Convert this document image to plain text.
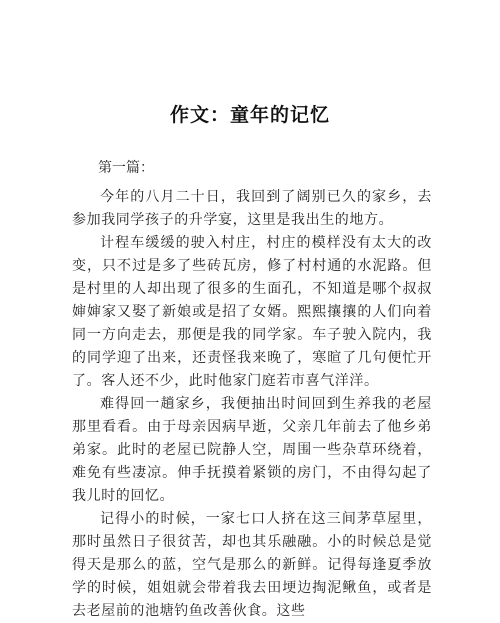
作文：童年的记忆
第一篇：

今年的八月二十日，我回到了阔别已久的家乡，去参加我同学孩子的升学宴，这里是我出生的地方。

计程车缓缓的驶入村庄，村庄的模样没有太大的改变，只不过是多了些砖瓦房，修了村村通的水泥路。但是村里的人却出现了很多的生面孔，不知道是哪个叔叔婶婶家又娶了新娘或是招了女婿。熙熙攘攘的人们向着同一方向走去，那便是我的同学家。车子驶入院内，我的同学迎了出来，还责怪我来晚了，寒暄了几句便忙开了。客人还不少，此时他家门庭若市喜气洋洋。

难得回一趟家乡，我便抽出时间回到生养我的老屋那里看看。由于母亲因病早逝，父亲几年前去了他乡弟弟家。此时的老屋已院静人空，周围一些杂草环绕着，难免有些凄凉。伸手抚摸着紧锁的房门，不由得勾起了我儿时的回忆。

记得小的时候，一家七口人挤在这三间茅草屋里，那时虽然日子很贫苦，却也其乐融融。小的时候总是觉得天是那么的蓝，空气是那么的新鲜。记得每逢夏季放学的时候，姐姐就会带着我去田埂边掏泥鳅鱼，或者是去老屋前的池塘钓鱼改善伙食。这些
